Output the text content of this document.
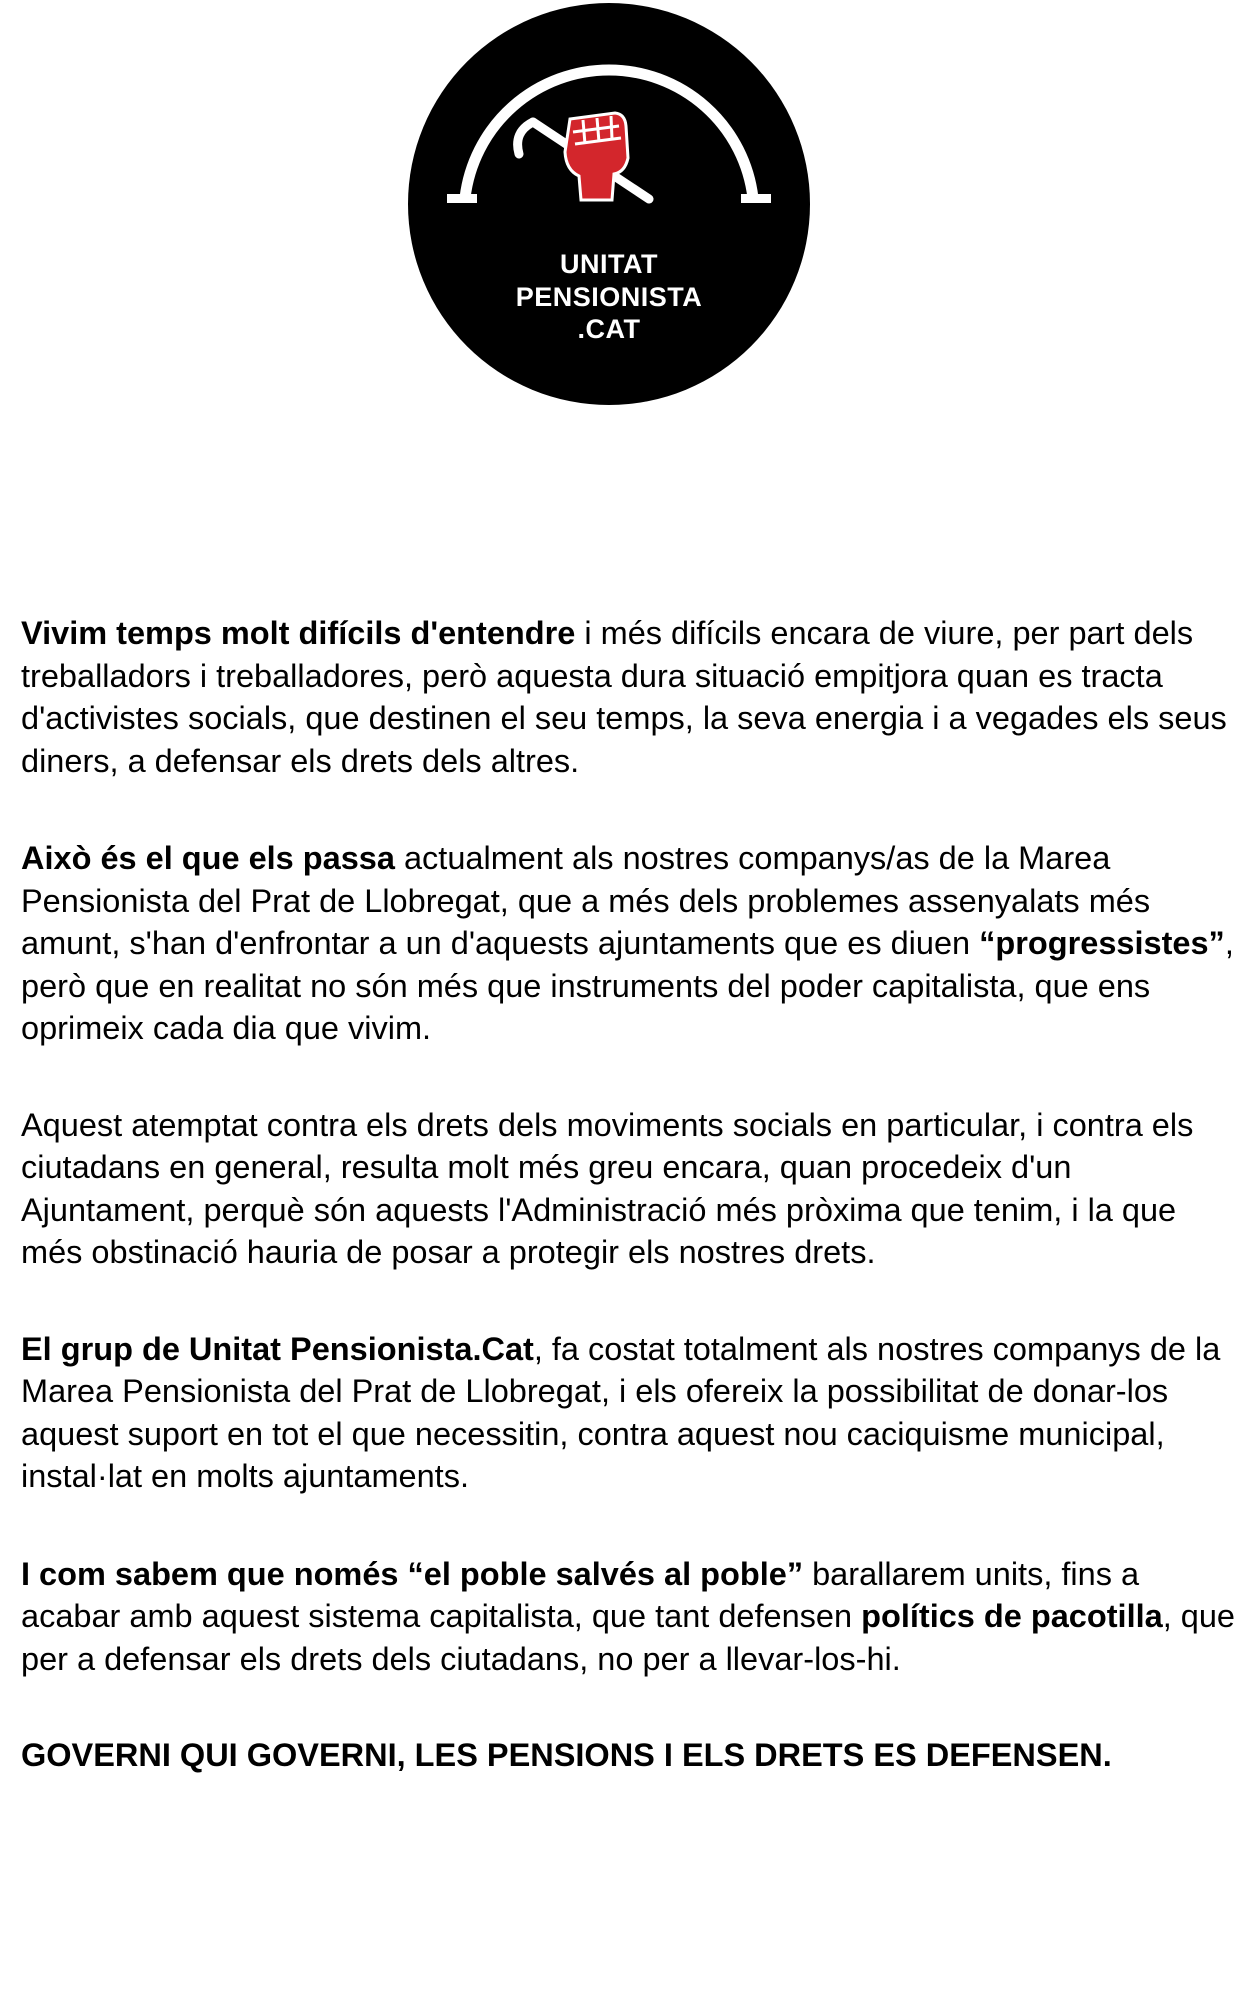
UNITAT
PENSIONISTA
.CAT

Vivim temps molt difícils d'entendre i més difícils encara de viure, per part dels treballadors i treballadores, però aquesta dura situació empitjora quan es tracta d'activistes socials, que destinen el seu temps, la seva energia i a vegades els seus diners, a defensar els drets dels altres.

Això és el que els passa actualment als nostres companys/as de la Marea Pensionista del Prat de Llobregat, que a més dels problemes assenyalats més amunt, s'han d'enfrontar a un d'aquests ajuntaments que es diuen “progressistes”, però que en realitat no són més que instruments del poder capitalista, que ens oprimeix cada dia que vivim.

Aquest atemptat contra els drets dels moviments socials en particular, i contra els ciutadans en general, resulta molt més greu encara, quan procedeix d'un Ajuntament, perquè són aquests l'Administració més pròxima que tenim, i la que més obstinació hauria de posar a protegir els nostres drets.

El grup de Unitat Pensionista.Cat, fa costat totalment als nostres companys de la Marea Pensionista del Prat de Llobregat, i els ofereix la possibilitat de donar-los aquest suport en tot el que necessitin, contra aquest nou caciquisme municipal, instal·lat en molts ajuntaments.

I com sabem que només “el poble salvés al poble” barallarem units, fins a acabar amb aquest sistema capitalista, que tant defensen polítics de pacotilla, que per a defensar els drets dels ciutadans, no per a llevar-los-hi.

GOVERNI QUI GOVERNI, LES PENSIONS I ELS DRETS ES DEFENSEN.
